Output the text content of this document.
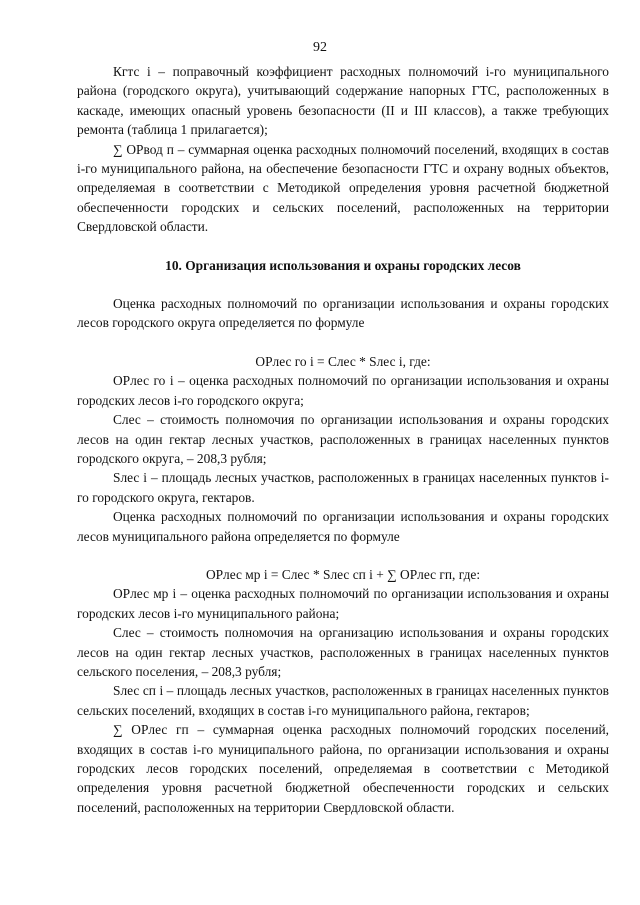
92

Кгтс i – поправочный коэффициент расходных полномочий i-го муниципального района (городского округа), учитывающий содержание напорных ГТС, расположенных в каскаде, имеющих опасный уровень безопасности (II и III классов), а также требующих ремонта (таблица 1 прилагается);

∑ ОРвод п – суммарная оценка расходных полномочий поселений, входящих в состав i-го муниципального района, на обеспечение безопасности ГТС и охрану водных объектов, определяемая в соответствии с Методикой определения уровня расчетной бюджетной обеспеченности городских и сельских поселений, расположенных на территории Свердловской области.

10. Организация использования и охраны городских лесов

Оценка расходных полномочий по организации использования и охраны городских лесов городского округа определяется по формуле

ОРлес го i = Слес * Sлес i, где:

ОРлес го i – оценка расходных полномочий по организации использования и охраны городских лесов i-го городского округа;

Слес – стоимость полномочия по организации использования и охраны городских лесов на один гектар лесных участков, расположенных в границах населенных пунктов городского округа, – 208,3 рубля;

Sлес i – площадь лесных участков, расположенных в границах населенных пунктов i-го городского округа, гектаров.

Оценка расходных полномочий по организации использования и охраны городских лесов муниципального района определяется по формуле

ОРлес мр i = Слес * Sлес сп i + ∑ ОРлес гп, где:

ОРлес мр i – оценка расходных полномочий по организации использования и охраны городских лесов i-го муниципального района;

Слес – стоимость полномочия на организацию использования и охраны городских лесов на один гектар лесных участков, расположенных в границах населенных пунктов сельского поселения, – 208,3 рубля;

Sлес сп i – площадь лесных участков, расположенных в границах населенных пунктов сельских поселений, входящих в состав i-го муниципального района, гектаров;

∑ ОРлес гп – суммарная оценка расходных полномочий городских поселений, входящих в состав i-го муниципального района, по организации использования и охраны городских лесов городских поселений, определяемая в соответствии с Методикой определения уровня расчетной бюджетной обеспеченности городских и сельских поселений, расположенных на территории Свердловской области.
